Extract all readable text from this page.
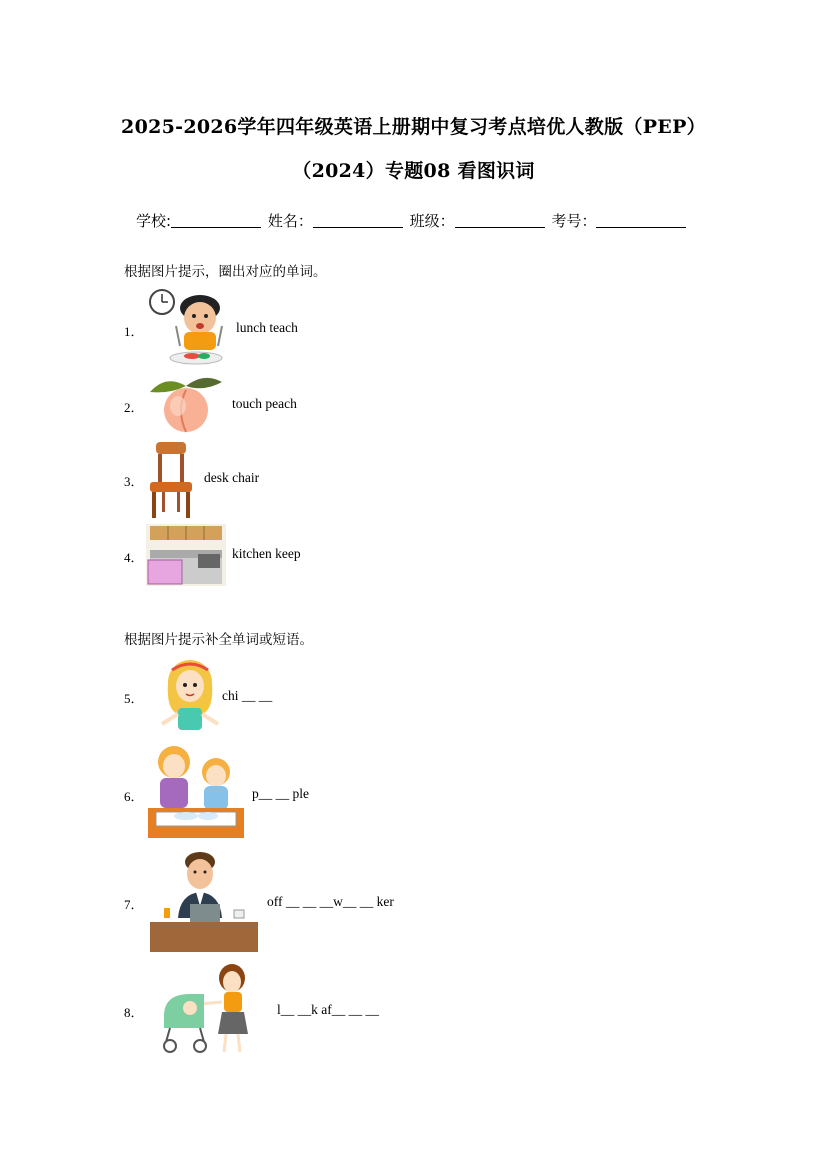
2025-2026学年四年级英语上册期中复习考点培优人教版（PEP）
（2024）专题08 看图识词
学校:	姓名：	班级：	考号：
根据图片提示，圈出对应的单词。
1．	lunch teach
2．	touch peach
3．	desk chair
4．	kitchen keep
根据图片提示补全单词或短语。
5．	chi __ __
6．	p__ __ ple
7．	off __ __ __w__ __ ker
8．	l__ __k af__ __ __
